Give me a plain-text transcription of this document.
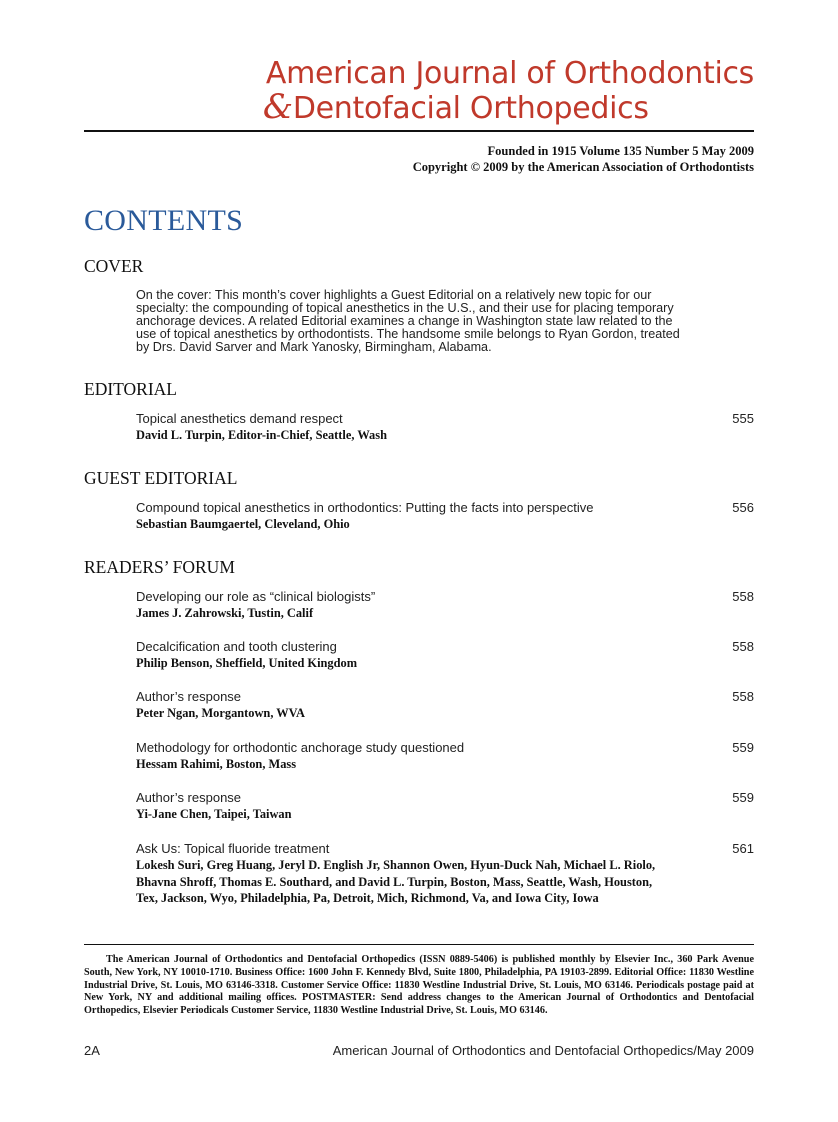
American Journal of Orthodontics
&Dentofacial Orthopedics
Founded in 1915 Volume 135 Number 5 May 2009
Copyright © 2009 by the American Association of Orthodontists
CONTENTS
COVER
On the cover: This month’s cover highlights a Guest Editorial on a relatively new topic for our specialty: the compounding of topical anesthetics in the U.S., and their use for placing temporary anchorage devices. A related Editorial examines a change in Washington state law related to the use of topical anesthetics by orthodontists. The handsome smile belongs to Ryan Gordon, treated by Drs. David Sarver and Mark Yanosky, Birmingham, Alabama.
EDITORIAL
Topical anesthetics demand respect	555
David L. Turpin, Editor-in-Chief, Seattle, Wash
GUEST EDITORIAL
Compound topical anesthetics in orthodontics: Putting the facts into perspective	556
Sebastian Baumgaertel, Cleveland, Ohio
READERS’ FORUM
Developing our role as “clinical biologists”	558
James J. Zahrowski, Tustin, Calif
Decalcification and tooth clustering	558
Philip Benson, Sheffield, United Kingdom
Author’s response	558
Peter Ngan, Morgantown, WVA
Methodology for orthodontic anchorage study questioned	559
Hessam Rahimi, Boston, Mass
Author’s response	559
Yi-Jane Chen, Taipei, Taiwan
Ask Us: Topical fluoride treatment	561
Lokesh Suri, Greg Huang, Jeryl D. English Jr, Shannon Owen, Hyun-Duck Nah, Michael L. Riolo, Bhavna Shroff, Thomas E. Southard, and David L. Turpin, Boston, Mass, Seattle, Wash, Houston, Tex, Jackson, Wyo, Philadelphia, Pa, Detroit, Mich, Richmond, Va, and Iowa City, Iowa
The American Journal of Orthodontics and Dentofacial Orthopedics (ISSN 0889-5406) is published monthly by Elsevier Inc., 360 Park Avenue South, New York, NY 10010-1710. Business Office: 1600 John F. Kennedy Blvd, Suite 1800, Philadelphia, PA 19103-2899. Editorial Office: 11830 Westline Industrial Drive, St. Louis, MO 63146-3318. Customer Service Office: 11830 Westline Industrial Drive, St. Louis, MO 63146. Periodicals postage paid at New York, NY and additional mailing offices. POSTMASTER: Send address changes to the American Journal of Orthodontics and Dentofacial Orthopedics, Elsevier Periodicals Customer Service, 11830 Westline Industrial Drive, St. Louis, MO 63146.
2A	American Journal of Orthodontics and Dentofacial Orthopedics/May 2009
